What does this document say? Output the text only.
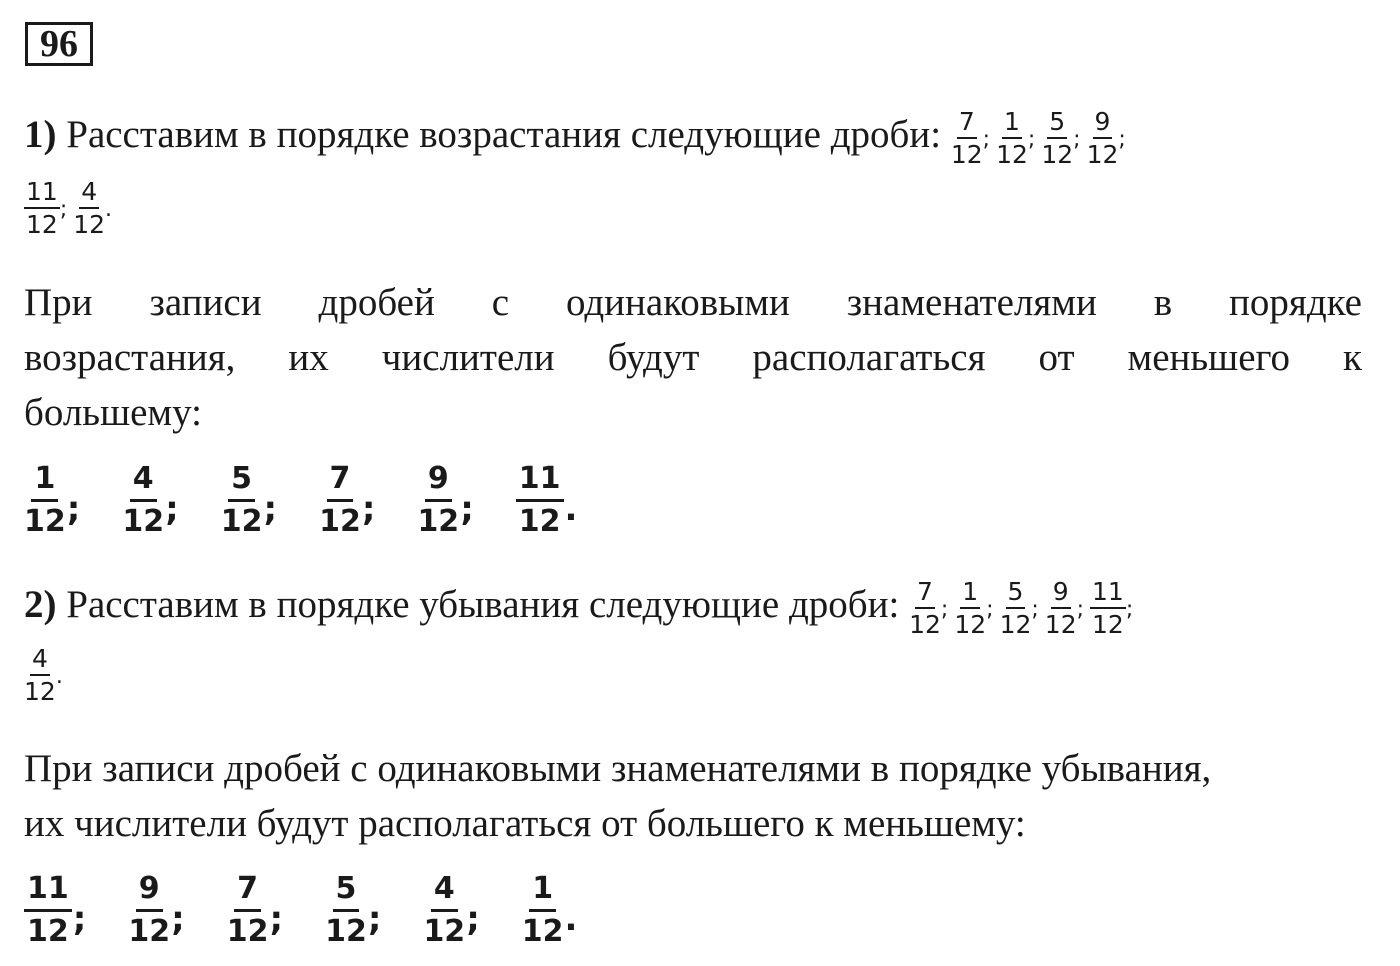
96
1) Расставим в порядке возрастания следующие дроби: $\frac{7}{12}$ ; $\frac{1}{12}$ ; $\frac{5}{12}$ ; $\frac{9}{12}$ ;
$\frac{11}{12}$ ; $\frac{4}{12}$ .
При записи дробей с одинаковыми знаменателями в порядке
возрастания, их числители будут располагаться от меньшего к
большему:
$\frac{1}{12}$ ; $\frac{4}{12}$ ; $\frac{5}{12}$ ; $\frac{7}{12}$ ; $\frac{9}{12}$ ; $\frac{11}{12}$ .
2) Расставим в порядке убывания следующие дроби: $\frac{7}{12}$ ; $\frac{1}{12}$ ; $\frac{5}{12}$ ; $\frac{9}{12}$ ; $\frac{11}{12}$ ;
$\frac{4}{12}$ .
При записи дробей с одинаковыми знаменателями в порядке убывания,
их числители будут располагаться от большего к меньшему:
$\frac{11}{12}$ ; $\frac{9}{12}$ ; $\frac{7}{12}$ ; $\frac{5}{12}$ ; $\frac{4}{12}$ ; $\frac{1}{12}$ .
